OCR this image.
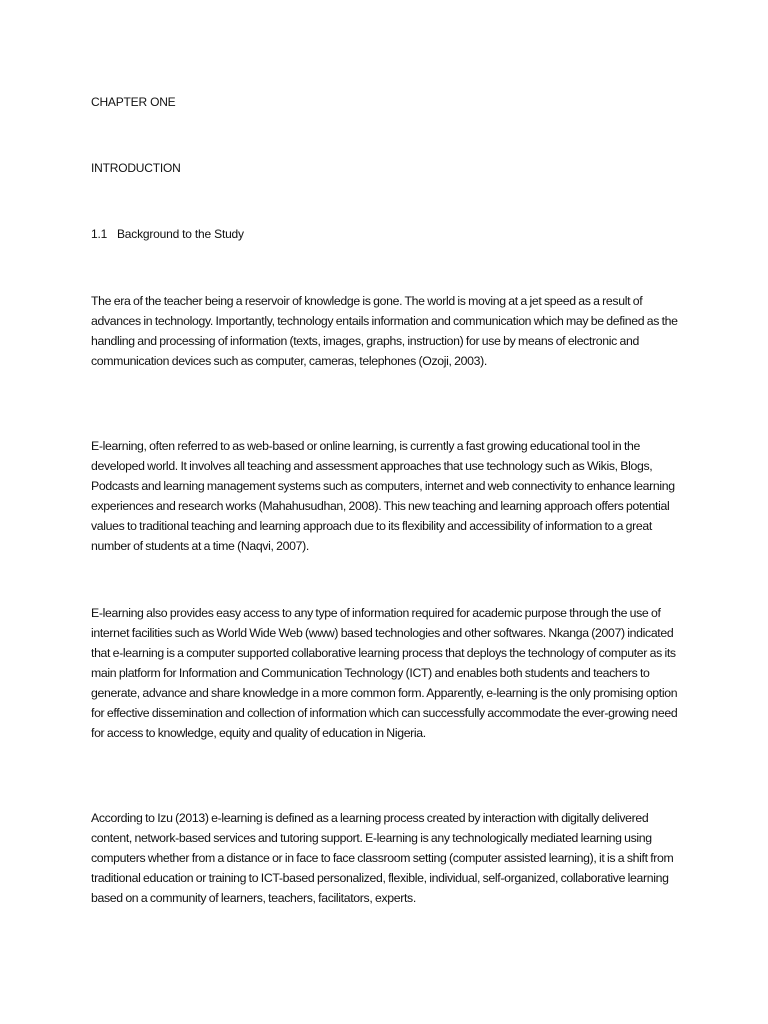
CHAPTER ONE
INTRODUCTION
1.1 Background to the Study

The era of the teacher being a reservoir of knowledge is gone. The world is moving at a jet speed as a result of advances in technology. Importantly, technology entails information and communication which may be defined as the handling and processing of information (texts, images, graphs, instruction) for use by means of electronic and communication devices such as computer, cameras, telephones (Ozoji, 2003).

E-learning, often referred to as web-based or online learning, is currently a fast growing educational tool in the developed world. It involves all teaching and assessment approaches that use technology such as Wikis, Blogs, Podcasts and learning management systems such as computers, internet and web connectivity to enhance learning experiences and research works (Mahahusudhan, 2008). This new teaching and learning approach offers potential values to traditional teaching and learning approach due to its flexibility and accessibility of information to a great number of students at a time (Naqvi, 2007).

E-learning also provides easy access to any type of information required for academic purpose through the use of internet facilities such as World Wide Web (www) based technologies and other softwares. Nkanga (2007) indicated that e-learning is a computer supported collaborative learning process that deploys the technology of computer as its main platform for Information and Communication Technology (ICT) and enables both students and teachers to generate, advance and share knowledge in a more common form. Apparently, e-learning is the only promising option for effective dissemination and collection of information which can successfully accommodate the ever-growing need for access to knowledge, equity and quality of education in Nigeria.

According to Izu (2013) e-learning is defined as a learning process created by interaction with digitally delivered content, network-based services and tutoring support. E-learning is any technologically mediated learning using computers whether from a distance or in face to face classroom setting (computer assisted learning), it is a shift from traditional education or training to ICT-based personalized, flexible, individual, self-organized, collaborative learning based on a community of learners, teachers, facilitators, experts.
